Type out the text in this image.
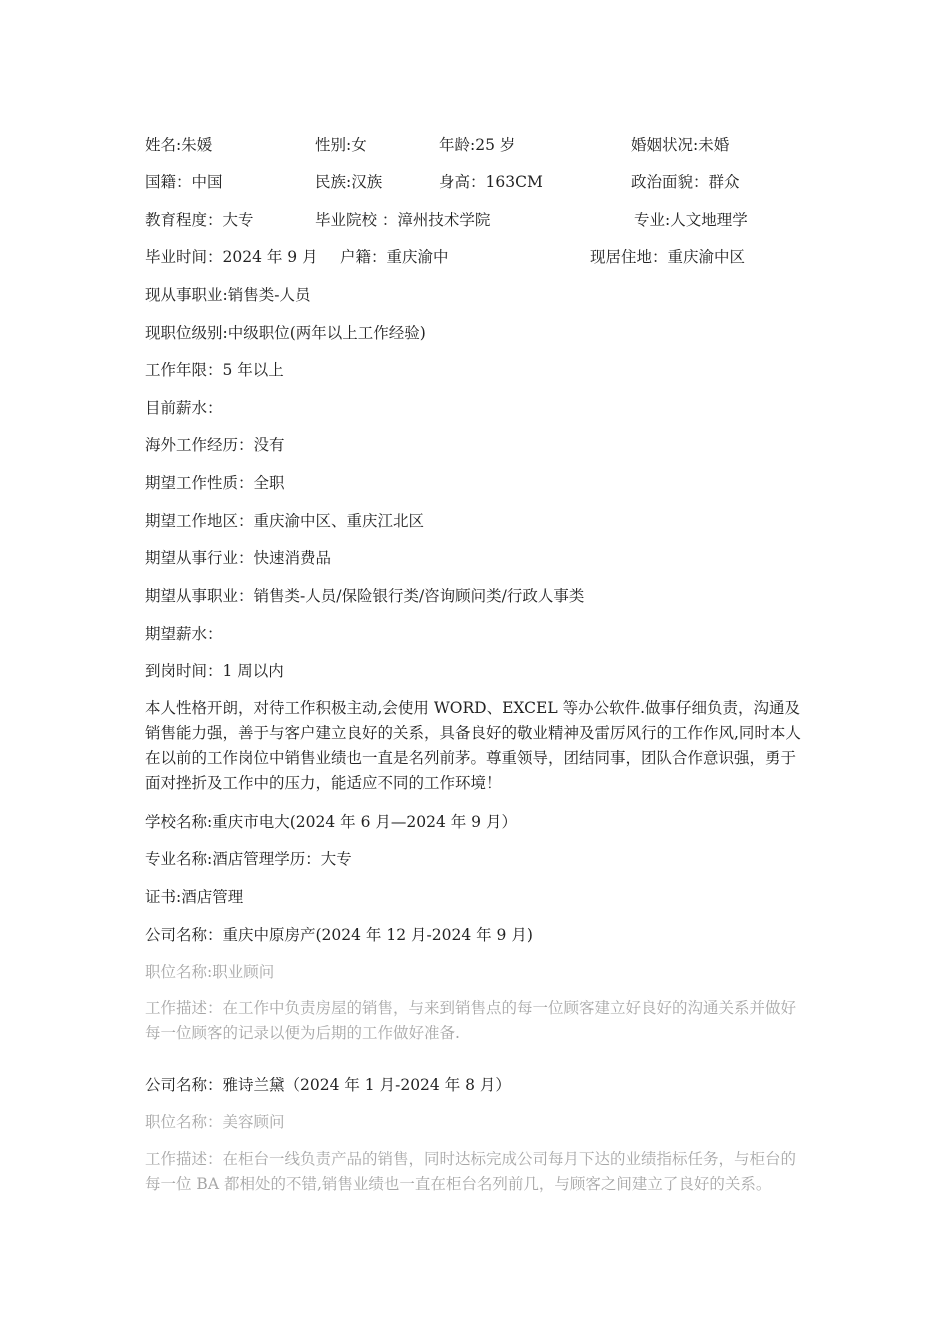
姓名:朱媛	性别:女	年龄:25 岁	婚姻状况:未婚
国籍：中国	民族:汉族	身高：163CM	政治面貌：群众
教育程度：大专	毕业院校 ：漳州技术学院	专业:人文地理学
毕业时间：2024 年 9 月 户籍：重庆渝中	现居住地：重庆渝中区
现从事职业:销售类-人员
现职位级别:中级职位(两年以上工作经验)
工作年限：5 年以上
目前薪水：
海外工作经历：没有
期望工作性质：全职
期望工作地区：重庆渝中区、重庆江北区
期望从事行业：快速消费品
期望从事职业：销售类-人员/保险银行类/咨询顾问类/行政人事类
期望薪水：
到岗时间：1 周以内
本人性格开朗，对待工作积极主动,会使用 WORD、EXCEL 等办公软件.做事仔细负责，沟通及销售能力强，善于与客户建立良好的关系，具备良好的敬业精神及雷厉风行的工作作风,同时本人在以前的工作岗位中销售业绩也一直是名列前茅。尊重领导，团结同事，团队合作意识强，勇于面对挫折及工作中的压力，能适应不同的工作环境！
学校名称:重庆市电大(2024 年 6 月—2024 年 9 月）
专业名称:酒店管理学历：大专
证书:酒店管理
公司名称：重庆中原房产(2024 年 12 月-2024 年 9 月)
职位名称:职业顾问
工作描述：在工作中负责房屋的销售，与来到销售点的每一位顾客建立好良好的沟通关系并做好每一位顾客的记录以便为后期的工作做好准备.
公司名称：雅诗兰黛（2024 年 1 月-2024 年 8 月）
职位名称：美容顾问
工作描述：在柜台一线负责产品的销售，同时达标完成公司每月下达的业绩指标任务，与柜台的每一位 BA 都相处的不错,销售业绩也一直在柜台名列前几，与顾客之间建立了良好的关系。
